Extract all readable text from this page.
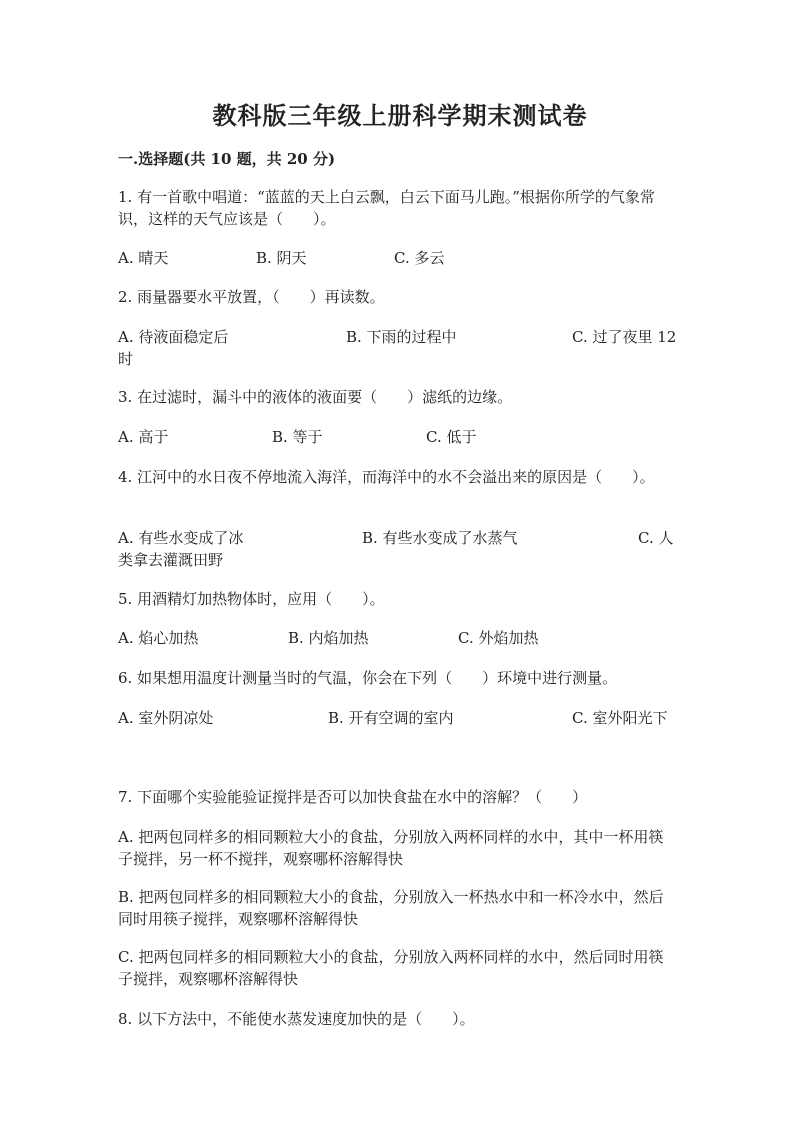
教科版三年级上册科学期末测试卷
一.选择题(共 10 题，共 20 分)
1. 有一首歌中唱道：“蓝蓝的天上白云飘，白云下面马儿跑。”根据你所学的气象常识，这样的天气应该是（　　）。
A. 晴天	B. 阴天	C. 多云
2. 雨量器要水平放置，（　　）再读数。
A. 待液面稳定后	B. 下雨的过程中	C. 过了夜里 12
时
3. 在过滤时，漏斗中的液体的液面要（　　）滤纸的边缘。
A. 高于	B. 等于	C. 低于
4. 江河中的水日夜不停地流入海洋，而海洋中的水不会溢出来的原因是（　　）。
A. 有些水变成了冰	B. 有些水变成了水蒸气	C. 人
类拿去灌溉田野
5. 用酒精灯加热物体时，应用（　　）。
A. 焰心加热	B. 内焰加热	C. 外焰加热
6. 如果想用温度计测量当时的气温，你会在下列（　　）环境中进行测量。
A. 室外阴凉处	B. 开有空调的室内	C. 室外阳光下
7. 下面哪个实验能验证搅拌是否可以加快食盐在水中的溶解？（　　）
A. 把两包同样多的相同颗粒大小的食盐，分别放入两杯同样的水中，其中一杯用筷子搅拌，另一杯不搅拌，观察哪杯溶解得快
B. 把两包同样多的相同颗粒大小的食盐，分别放入一杯热水中和一杯冷水中，然后同时用筷子搅拌，观察哪杯溶解得快
C. 把两包同样多的相同颗粒大小的食盐，分别放入两杯同样的水中，然后同时用筷子搅拌，观察哪杯溶解得快
8. 以下方法中，不能使水蒸发速度加快的是（　　）。
